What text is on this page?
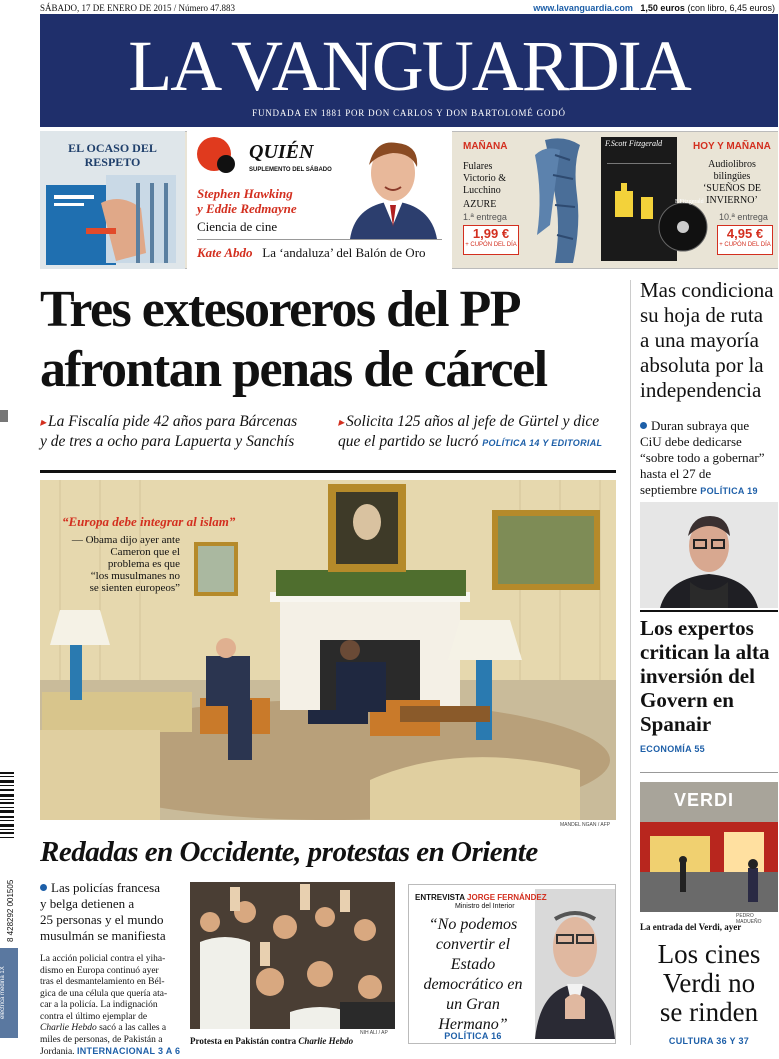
SÁBADO, 17 DE ENERO DE 2015 / Número 47.883	www.lavanguardia.com 1,50 euros (con libro, 6,45 euros)
LA VANGUARDIA
FUNDADA EN 1881 POR DON CARLOS Y DON BARTOLOMÉ GODÓ
EL OCASO DEL
RESPETO	QUIÉN
SUPLEMENTO DEL SÁBADO
Stephen Hawking
y Eddie Redmayne
Ciencia de cine
Kate Abdo La ‘andaluza’ del Balón de Oro
MAÑANA
Fulares
Victorio &
Lucchino
AZURE
1.ª entrega
1,99 €
+ CUPÓN DEL DÍA
F.Scott Fitzgerald
F.Fitzgerald
HOY Y MAÑANA
Audiolibros bilingües
‘SUEÑOS DE
INVIERNO’
10.ª entrega
4,95 €
+ CUPÓN DEL DÍA
Tres extesoreros del PP
afrontan penas de cárcel
▸ La Fiscalía pide 42 años para Bárcenas
y de tres a ocho para Lapuerta y Sanchís
▸ Solicita 125 años al jefe de Gürtel y dice
que el partido se lucró POLÍTICA 14 Y EDITORIAL
“Europa debe integrar al islam”
— Obama dijo ayer ante
Cameron que el
problema es que
“los musulmanes no
se sienten europeos”
MANDEL NGAN / AFP
Redadas en Occidente, protestas en Oriente
Las policías francesa
y belga detienen a
25 personas y el mundo
musulmán se manifiesta
La acción policial contra el yiha-
dismo en Europa continuó ayer
tras el desmantelamiento en Bél-
gica de una célula que quería ata-
car a la policía. La indignación
contra el último ejemplar de
Charlie Hebdo sacó a las calles a
miles de personas, de Pakistán a
Jordania. INTERNACIONAL 3 A 6
NIH ALI / AP
Protesta en Pakistán contra Charlie Hebdo
ENTREVISTA JORGE FERNÁNDEZ
Ministro del Interior
“No podemos
convertir el
Estado
democrático en
un Gran
Hermano”
POLÍTICA 16
Mas condiciona
su hoja de ruta
a una mayoría
absoluta por la
independencia
Duran subraya que
CiU debe dedicarse
“sobre todo a gobernar”
hasta el 27 de
septiembre POLÍTICA 19
Los expertos
critican la alta
inversión del
Govern en
Spanair
ECONOMÍA 55
VERDI
PEDRO MADUEÑO
La entrada del Verdi, ayer
Los cines
Verdi no
se rinden
CULTURA 36 Y 37
8 428292 001505
eléctrica medina 1X
